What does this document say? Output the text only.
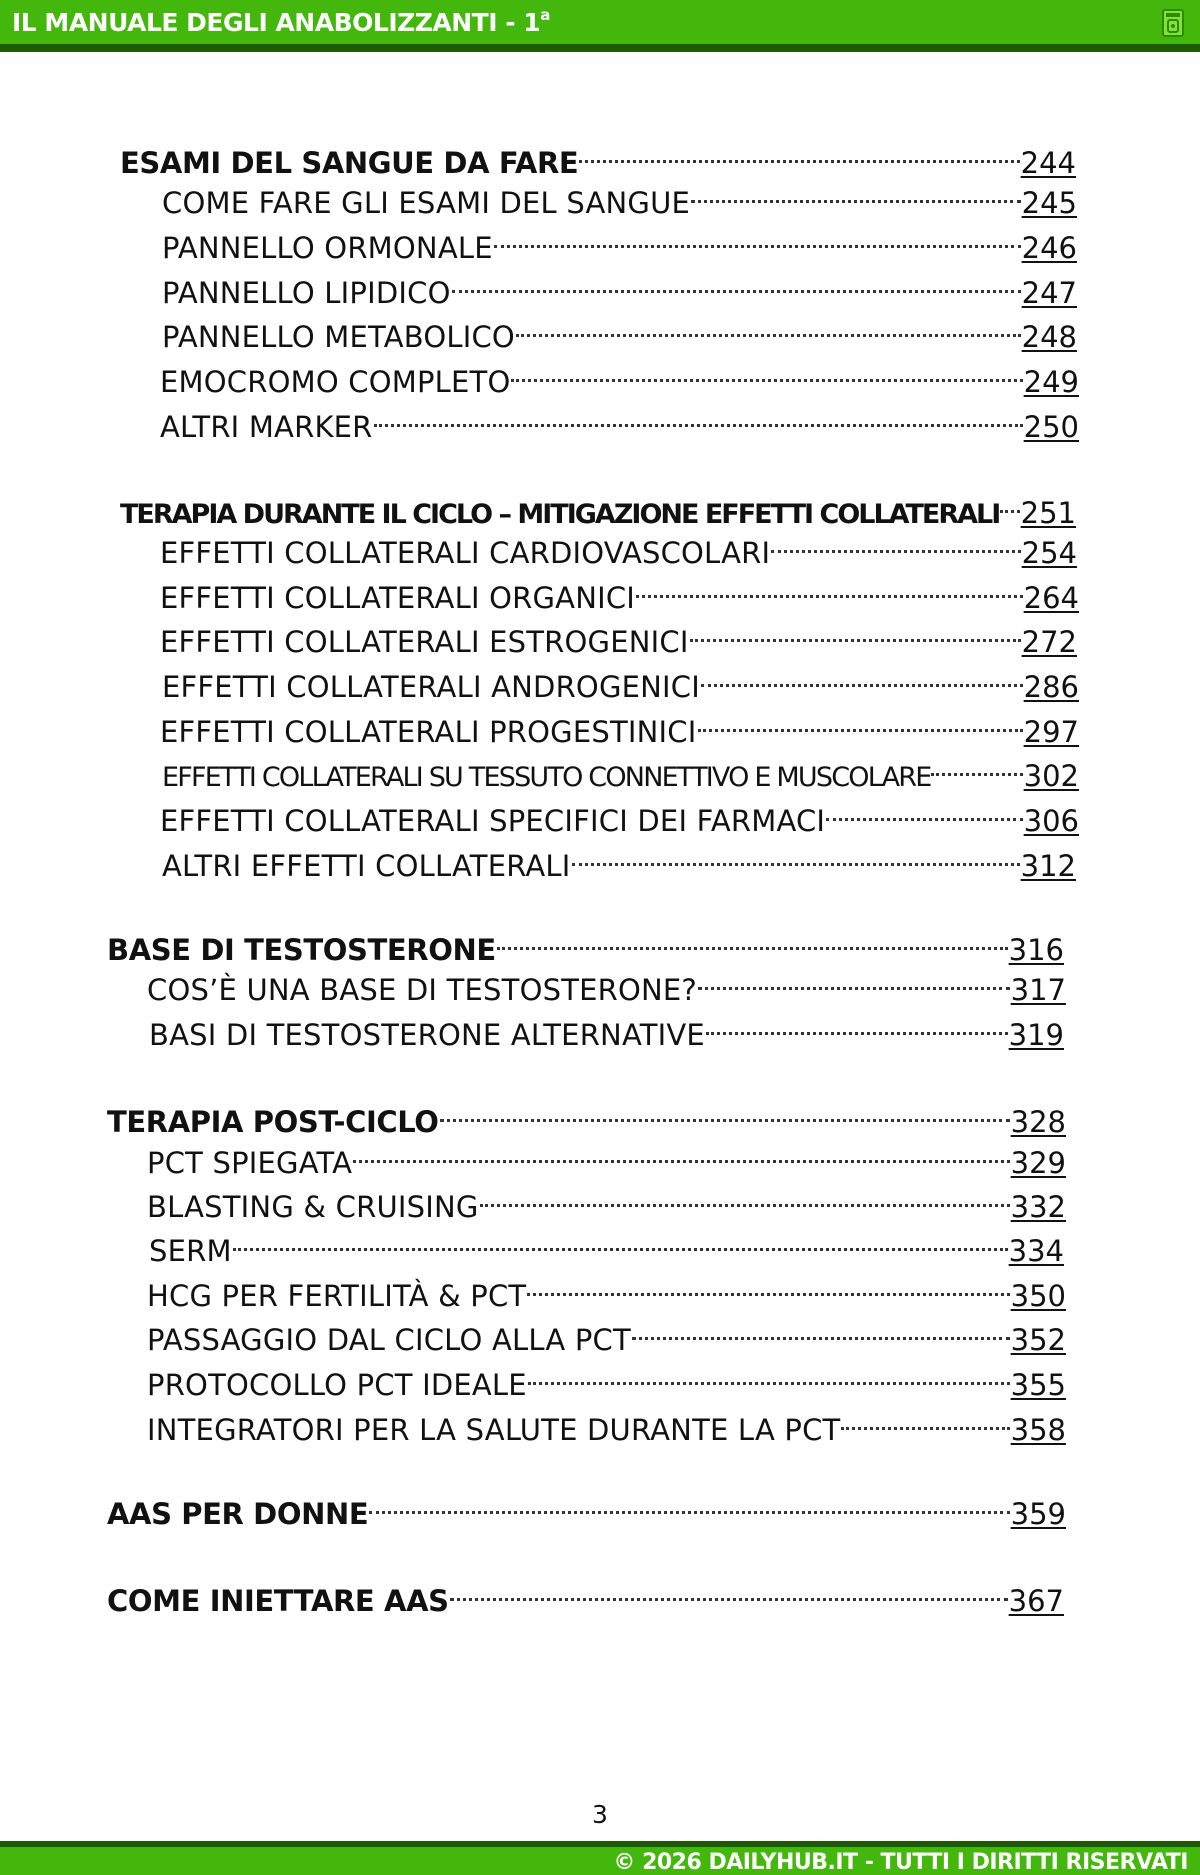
IL MANUALE DEGLI ANABOLIZZANTI - 1$^a$
ESAMI DEL SANGUE DA FARE	244
COME FARE GLI ESAMI DEL SANGUE	245
PANNELLO ORMONALE	246
PANNELLO LIPIDICO	247
PANNELLO METABOLICO	248
EMOCROMO COMPLETO	249
ALTRI MARKER	250
TERAPIA DURANTE IL CICLO – MITIGAZIONE EFFETTI COLLATERALI 251
EFFETTI COLLATERALI CARDIOVASCOLARI	254
EFFETTI COLLATERALI ORGANICI	264
EFFETTI COLLATERALI ESTROGENICI	272
EFFETTI COLLATERALI ANDROGENICI	286
EFFETTI COLLATERALI PROGESTINICI	297
EFFETTI COLLATERALI SU TESSUTO CONNETTIVO E MUSCOLARE	302
EFFETTI COLLATERALI SPECIFICI DEI FARMACI	306
ALTRI EFFETTI COLLATERALI	312
BASE DI TESTOSTERONE	316
COS’È UNA BASE DI TESTOSTERONE?	317
BASI DI TESTOSTERONE ALTERNATIVE	319
TERAPIA POST-CICLO	328
PCT SPIEGATA	329
BLASTING & CRUISING	332
SERM	334
HCG PER FERTILITÀ & PCT	350
PASSAGGIO DAL CICLO ALLA PCT	352
PROTOCOLLO PCT IDEALE	355
INTEGRATORI PER LA SALUTE DURANTE LA PCT	358
AAS PER DONNE	359
COME INIETTARE AAS	367
3
© 2026 DAILYHUB.IT - TUTTI I DIRITTI RISERVATI
